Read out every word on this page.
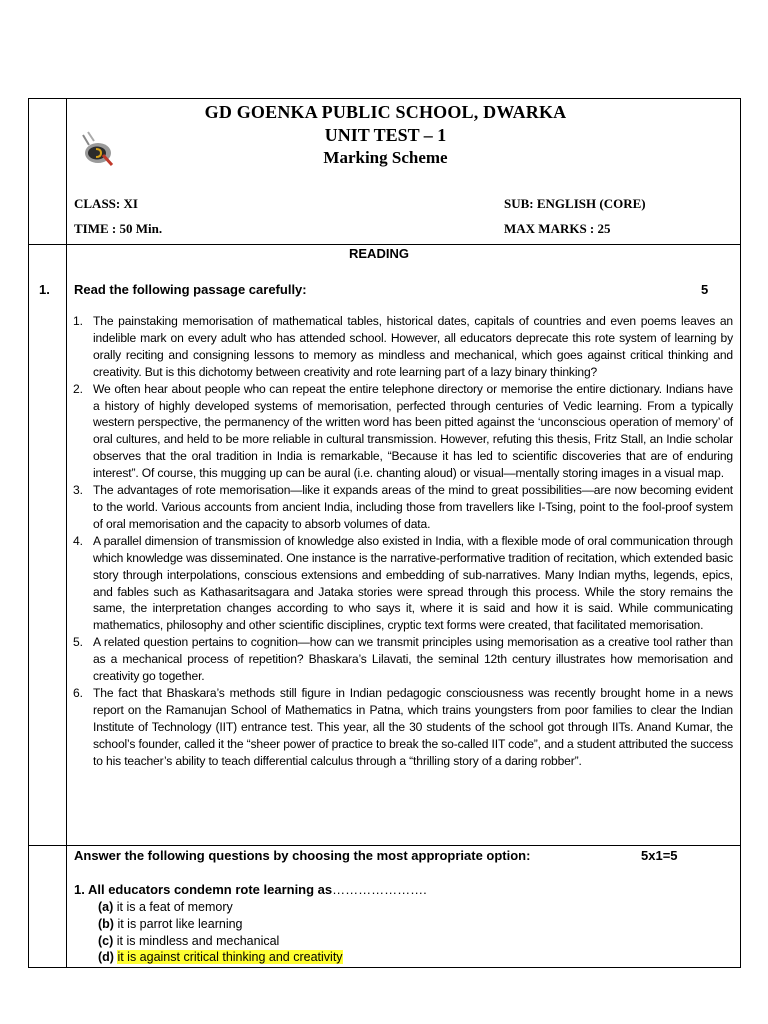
GD GOENKA PUBLIC SCHOOL, DWARKA
UNIT TEST – 1
Marking Scheme
CLASS: XI	SUB: ENGLISH (CORE)
TIME : 50 Min.	MAX MARKS : 25
READING
1. Read the following passage carefully:	5
1. The painstaking memorisation of mathematical tables, historical dates, capitals of countries and even poems leaves an indelible mark on every adult who has attended school. However, all educators deprecate this rote system of learning by orally reciting and consigning lessons to memory as mindless and mechanical, which goes against critical thinking and creativity. But is this dichotomy between creativity and rote learning part of a lazy binary thinking?
2. We often hear about people who can repeat the entire telephone directory or memorise the entire dictionary. Indians have a history of highly developed systems of memorisation, perfected through centuries of Vedic learning. From a typically western perspective, the permanency of the written word has been pitted against the ‘unconscious operation of memory’ of oral cultures, and held to be more reliable in cultural transmission. However, refuting this thesis, Fritz Stall, an Indie scholar observes that the oral tradition in India is remarkable, “Because it has led to scientific discoveries that are of enduring interest”. Of course, this mugging up can be aural (i.e. chanting aloud) or visual—mentally storing images in a visual map.
3. The advantages of rote memorisation—like it expands areas of the mind to great possibilities—are now becoming evident to the world. Various accounts from ancient India, including those from travellers like I-Tsing, point to the fool-proof system of oral memorisation and the capacity to absorb volumes of data.
4. A parallel dimension of transmission of knowledge also existed in India, with a flexible mode of oral communication through which knowledge was disseminated. One instance is the narrative-performative tradition of recitation, which extended basic story through interpolations, conscious extensions and embedding of sub-narratives. Many Indian myths, legends, epics, and fables such as Kathasaritsagara and Jataka stories were spread through this process. While the story remains the same, the interpretation changes according to who says it, where it is said and how it is said. While communicating mathematics, philosophy and other scientific disciplines, cryptic text forms were created, that facilitated memorisation.
5. A related question pertains to cognition—how can we transmit principles using memorisation as a creative tool rather than as a mechanical process of repetition? Bhaskara’s Lilavati, the seminal 12th century illustrates how memorisation and creativity go together.
6. The fact that Bhaskara’s methods still figure in Indian pedagogic consciousness was recently brought home in a news report on the Ramanujan School of Mathematics in Patna, which trains youngsters from poor families to clear the Indian Institute of Technology (IIT) entrance test. This year, all the 30 students of the school got through IITs. Anand Kumar, the school’s founder, called it the “sheer power of practice to break the so-called IIT code”, and a student attributed the success to his teacher’s ability to teach differential calculus through a “thrilling story of a daring robber”.
Answer the following questions by choosing the most appropriate option:	5x1=5
1. All educators condemn rote learning as………………….
(a) it is a feat of memory
(b) it is parrot like learning
(c) it is mindless and mechanical
(d) it is against critical thinking and creativity
